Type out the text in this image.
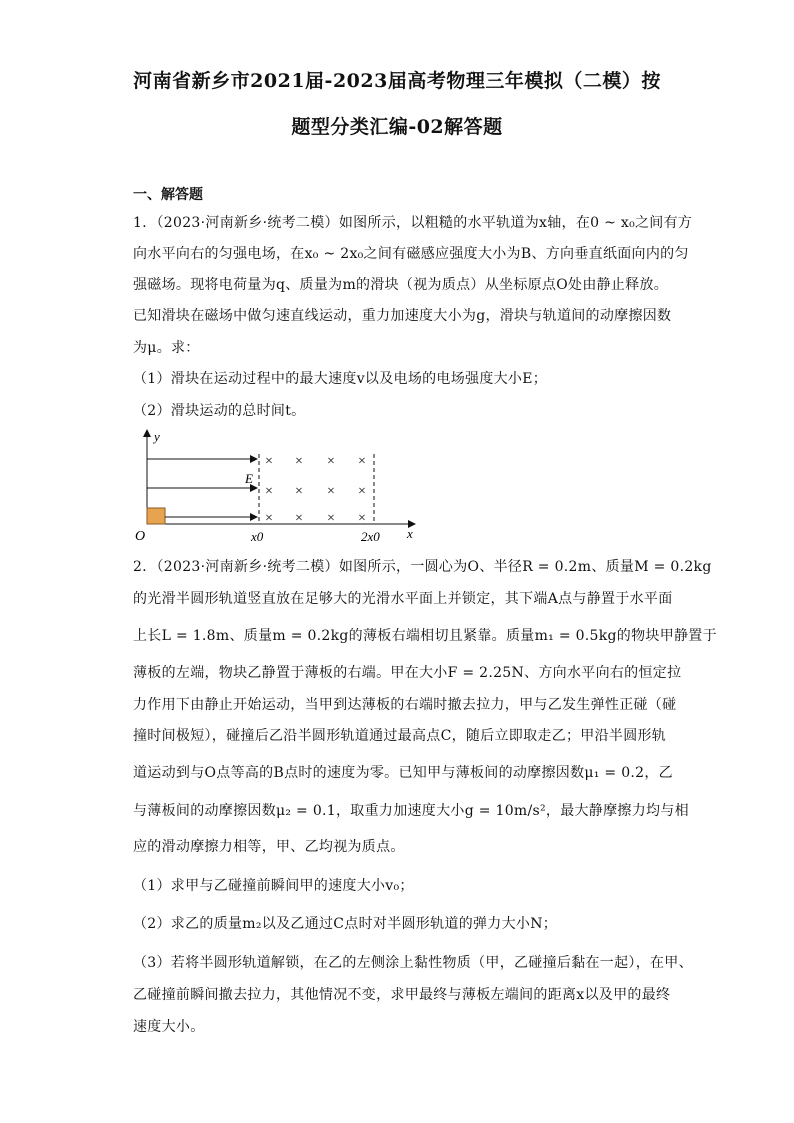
河南省新乡市2021届-2023届高考物理三年模拟（二模）按
题型分类汇编-02解答题
一、解答题
1．（2023·河南新乡·统考二模）如图所示，以粗糙的水平轨道为x轴，在0 ~ x₀之间有方
向水平向右的匀强电场，在x₀ ~ 2x₀之间有磁感应强度大小为B、方向垂直纸面向内的匀
强磁场。现将电荷量为q、质量为m的滑块（视为质点）从坐标原点O处由静止释放。
已知滑块在磁场中做匀速直线运动，重力加速度大小为g，滑块与轨道间的动摩擦因数
为μ。求：
（1）滑块在运动过程中的最大速度v以及电场的电场强度大小E；
（2）滑块运动的总时间t。
y
x
O
E
× × × ×
× × × ×
× × × ×
x0	2x0
2．（2023·河南新乡·统考二模）如图所示，一圆心为O、半径R = 0.2m、质量M = 0.2kg
的光滑半圆形轨道竖直放在足够大的光滑水平面上并锁定，其下端A点与静置于水平面
上长L = 1.8m、质量m = 0.2kg的薄板右端相切且紧靠。质量m₁ = 0.5kg的物块甲静置于
薄板的左端，物块乙静置于薄板的右端。甲在大小F = 2.25N、方向水平向右的恒定拉
力作用下由静止开始运动，当甲到达薄板的右端时撤去拉力，甲与乙发生弹性正碰（碰
撞时间极短），碰撞后乙沿半圆形轨道通过最高点C，随后立即取走乙；甲沿半圆形轨
道运动到与O点等高的B点时的速度为零。已知甲与薄板间的动摩擦因数μ₁ = 0.2，乙
与薄板间的动摩擦因数μ₂ = 0.1，取重力加速度大小g = 10m/s²，最大静摩擦力均与相
应的滑动摩擦力相等，甲、乙均视为质点。
（1）求甲与乙碰撞前瞬间甲的速度大小v₀；
（2）求乙的质量m₂以及乙通过C点时对半圆形轨道的弹力大小N；
（3）若将半圆形轨道解锁，在乙的左侧涂上黏性物质（甲，乙碰撞后黏在一起），在甲、
乙碰撞前瞬间撤去拉力，其他情况不变，求甲最终与薄板左端间的距离x以及甲的最终
速度大小。
